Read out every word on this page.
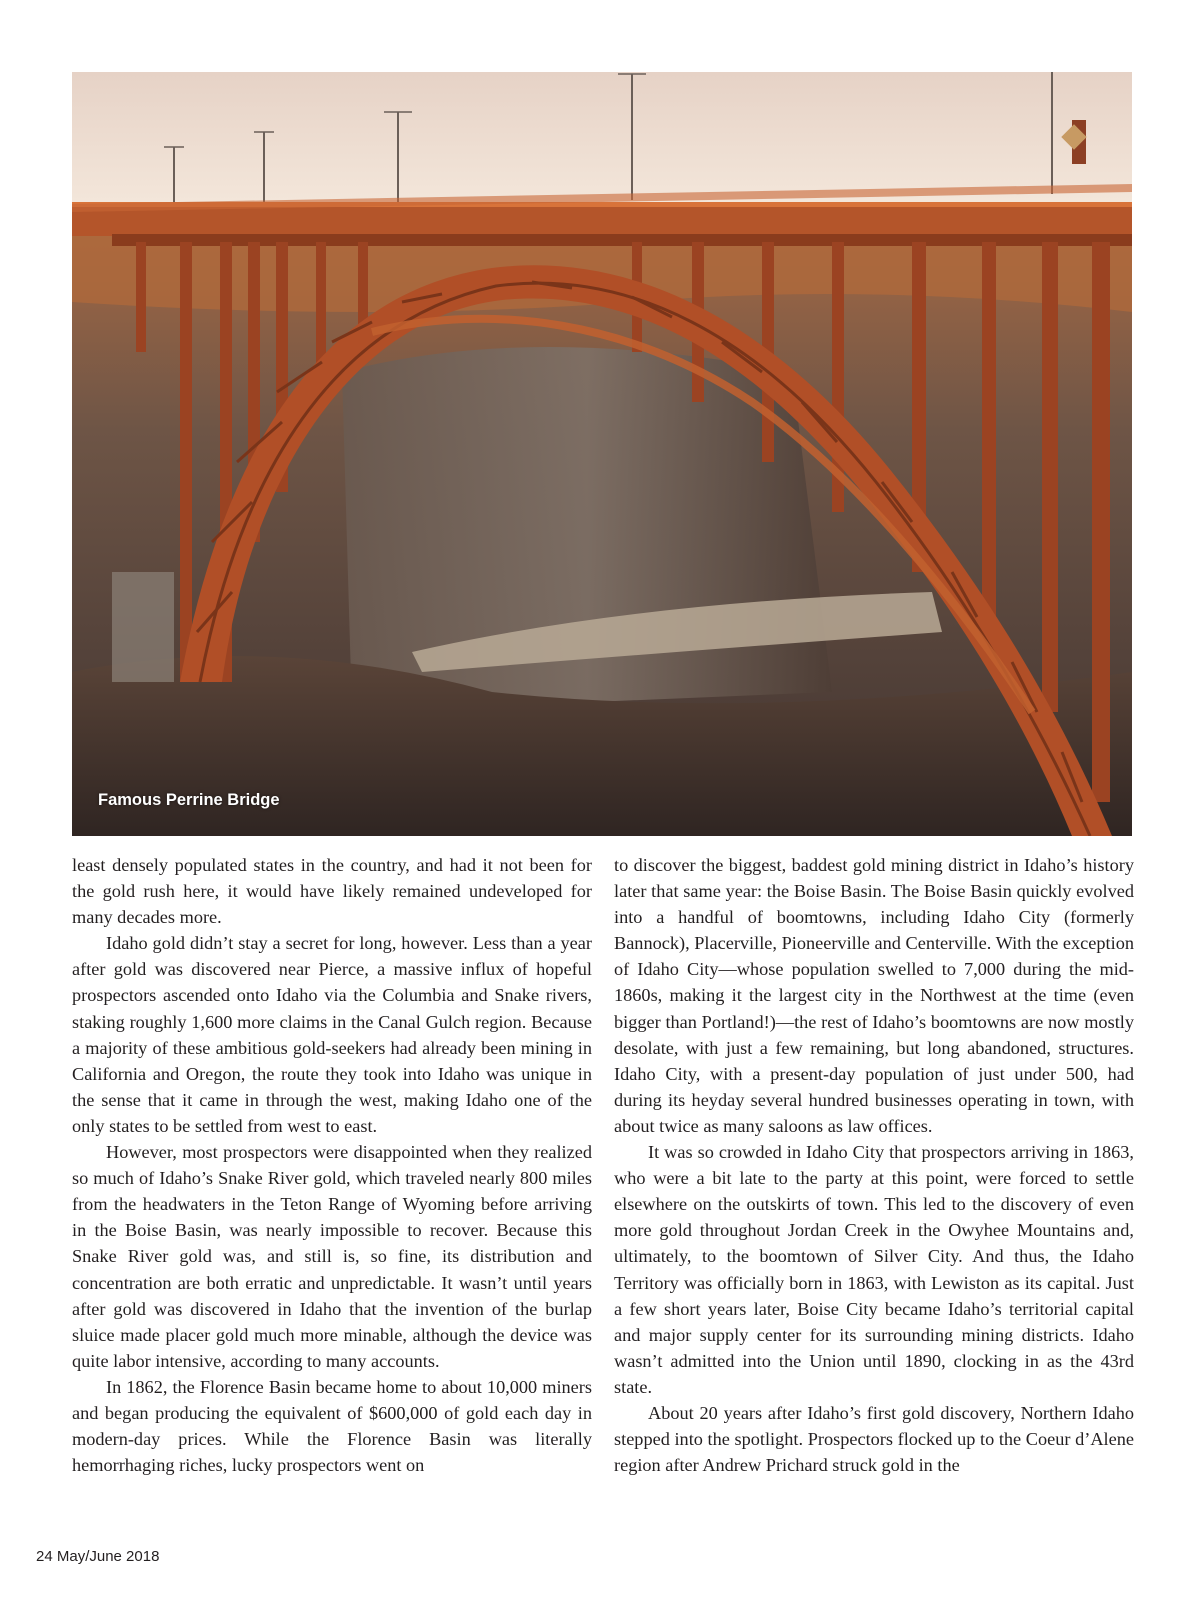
Famous Perrine Bridge

least densely populated states in the country, and had it not been for the gold rush here, it would have likely remained undeveloped for many decades more.

Idaho gold didn’t stay a secret for long, however. Less than a year after gold was discovered near Pierce, a massive influx of hopeful prospectors ascended onto Idaho via the Columbia and Snake rivers, staking roughly 1,600 more claims in the Canal Gulch region. Because a majority of these ambitious gold-seekers had already been mining in California and Oregon, the route they took into Idaho was unique in the sense that it came in through the west, making Idaho one of the only states to be settled from west to east.

However, most prospectors were disappointed when they realized so much of Idaho’s Snake River gold, which traveled nearly 800 miles from the headwaters in the Teton Range of Wyoming before arriving in the Boise Basin, was nearly impossible to recover. Because this Snake River gold was, and still is, so fine, its distribution and concentration are both erratic and unpredictable. It wasn’t until years after gold was discovered in Idaho that the invention of the burlap sluice made placer gold much more minable, although the device was quite labor intensive, according to many accounts.

In 1862, the Florence Basin became home to about 10,000 miners and began producing the equivalent of $600,000 of gold each day in modern-day prices. While the Florence Basin was literally hemorrhaging riches, lucky prospectors went on

to discover the biggest, baddest gold mining district in Idaho’s history later that same year: the Boise Basin. The Boise Basin quickly evolved into a handful of boomtowns, including Idaho City (formerly Bannock), Placerville, Pioneerville and Centerville. With the exception of Idaho City—whose population swelled to 7,000 during the mid-1860s, making it the largest city in the Northwest at the time (even bigger than Portland!)—the rest of Idaho’s boomtowns are now mostly desolate, with just a few remaining, but long abandoned, structures. Idaho City, with a present-day population of just under 500, had during its heyday several hundred businesses operating in town, with about twice as many saloons as law offices.

It was so crowded in Idaho City that prospectors arriving in 1863, who were a bit late to the party at this point, were forced to settle elsewhere on the outskirts of town. This led to the discovery of even more gold throughout Jordan Creek in the Owyhee Mountains and, ultimately, to the boomtown of Silver City. And thus, the Idaho Territory was officially born in 1863, with Lewiston as its capital. Just a few short years later, Boise City became Idaho’s territorial capital and major supply center for its surrounding mining districts. Idaho wasn’t admitted into the Union until 1890, clocking in as the 43rd state.

About 20 years after Idaho’s first gold discovery, Northern Idaho stepped into the spotlight. Prospectors flocked up to the Coeur d’Alene region after Andrew Prichard struck gold in the

24 May/June 2018
